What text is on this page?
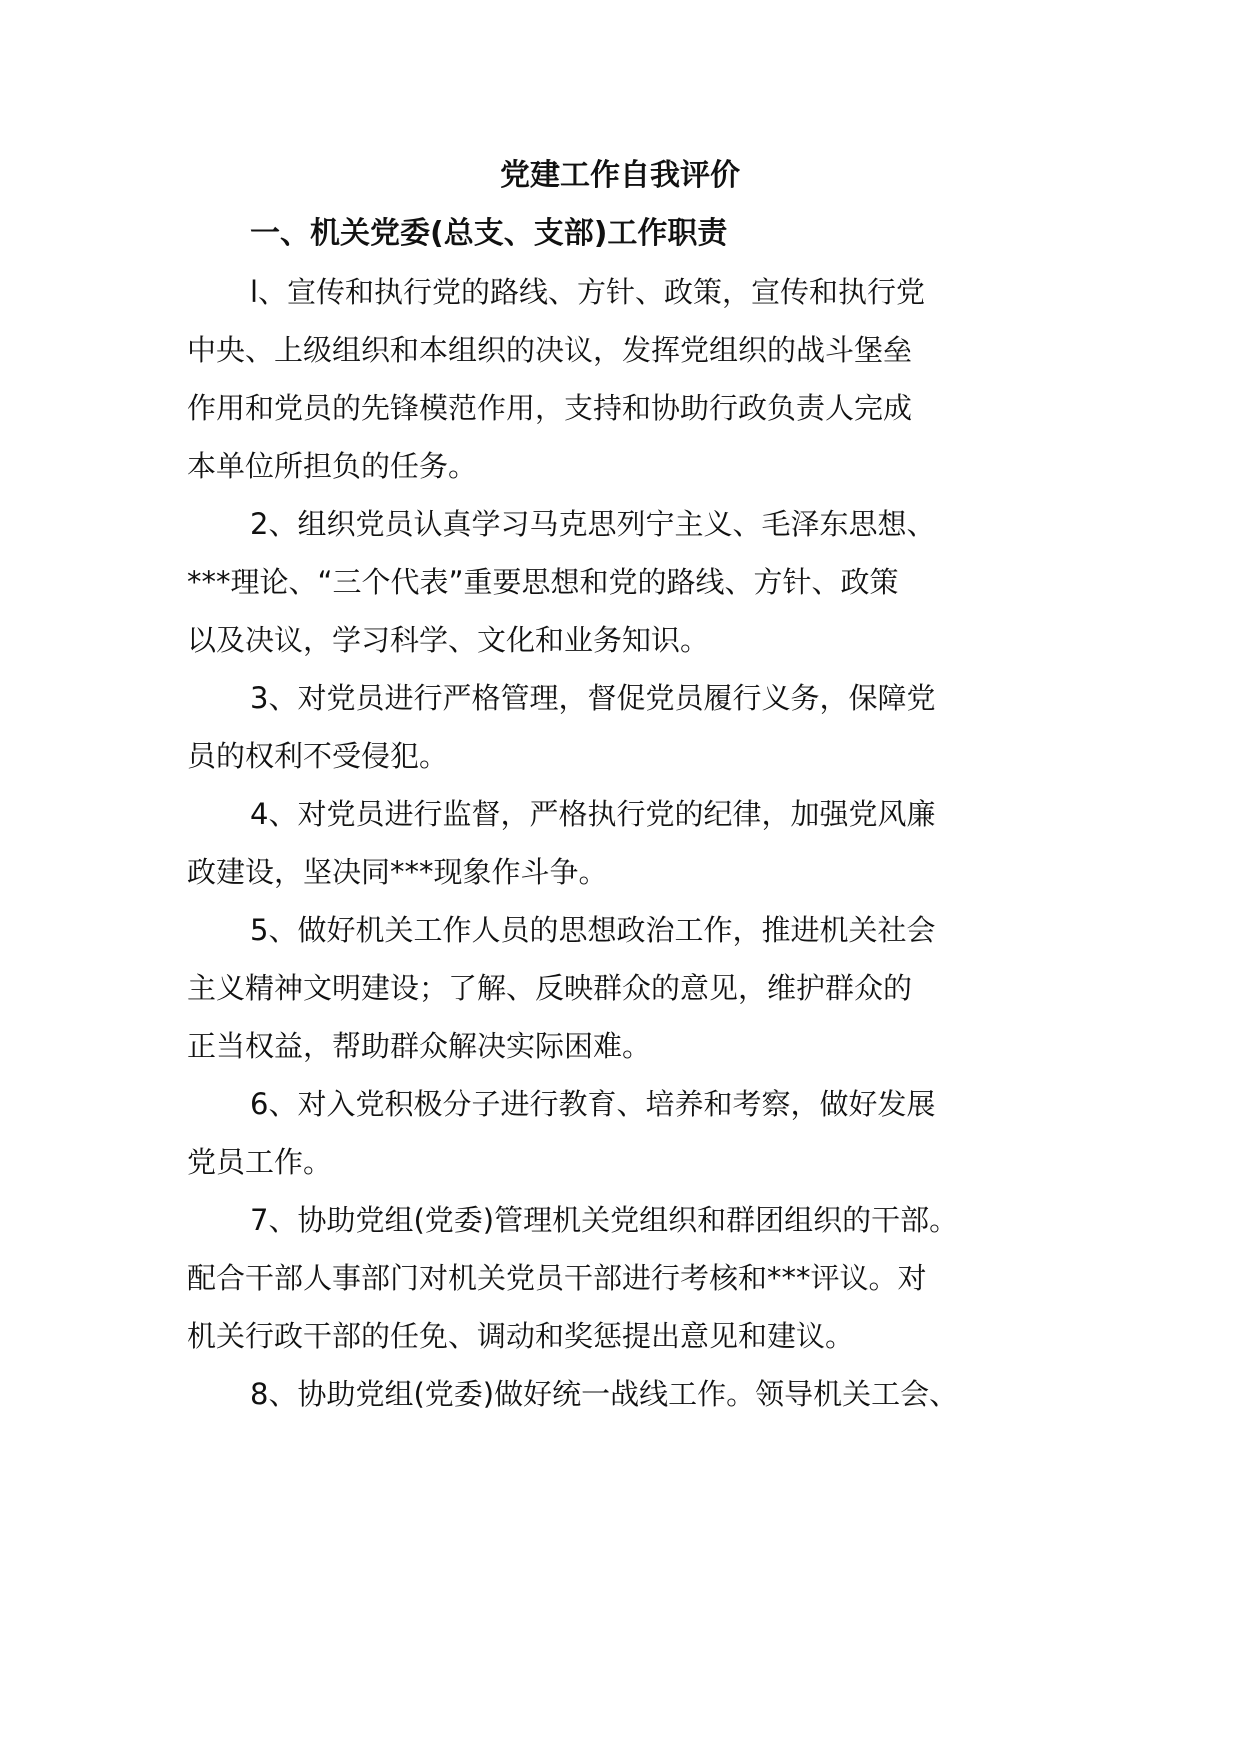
党建工作自我评价
一、机关党委(总支、支部)工作职责
l、宣传和执行党的路线、方针、政策，宣传和执行党
中央、上级组织和本组织的决议，发挥党组织的战斗堡垒
作用和党员的先锋模范作用，支持和协助行政负责人完成
本单位所担负的任务。
2、组织党员认真学习马克思列宁主义、毛泽东思想、
***理论、“三个代表”重要思想和党的路线、方针、政策
以及决议，学习科学、文化和业务知识。
3、对党员进行严格管理，督促党员履行义务，保障党
员的权利不受侵犯。
4、对党员进行监督，严格执行党的纪律，加强党风廉
政建设，坚决同***现象作斗争。
5、做好机关工作人员的思想政治工作，推进机关社会
主义精神文明建设；了解、反映群众的意见，维护群众的
正当权益，帮助群众解决实际困难。
6、对入党积极分子进行教育、培养和考察，做好发展
党员工作。
7、协助党组(党委)管理机关党组织和群团组织的干部。
配合干部人事部门对机关党员干部进行考核和***评议。对
机关行政干部的任免、调动和奖惩提出意见和建议。
8、协助党组(党委)做好统一战线工作。领导机关工会、
